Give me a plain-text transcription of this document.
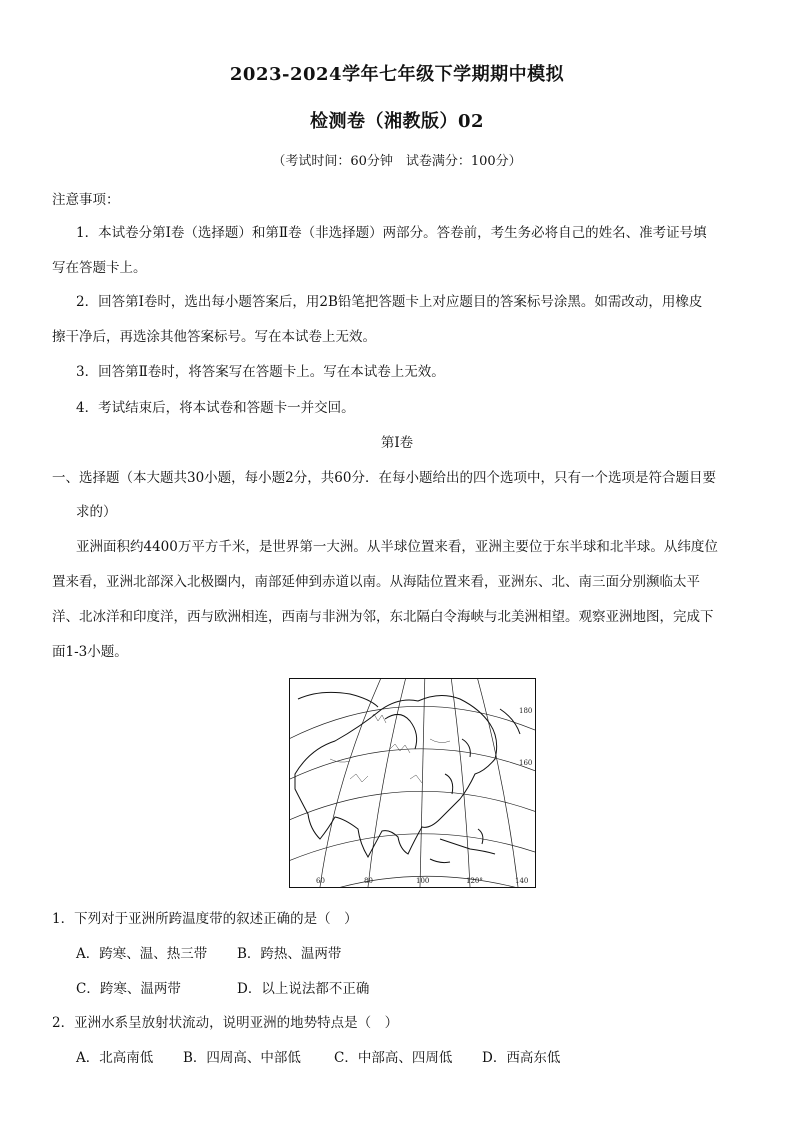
2023-2024学年七年级下学期期中模拟
检测卷（湘教版）02
（考试时间：60分钟　试卷满分：100分）
注意事项：
1．本试卷分第Ⅰ卷（选择题）和第Ⅱ卷（非选择题）两部分。答卷前，考生务必将自己的姓名、准考证号填
写在答题卡上。
2．回答第Ⅰ卷时，选出每小题答案后，用2B铅笔把答题卡上对应题目的答案标号涂黑。如需改动，用橡皮
擦干净后，再选涂其他答案标号。写在本试卷上无效。
3．回答第Ⅱ卷时，将答案写在答题卡上。写在本试卷上无效。
4．考试结束后，将本试卷和答题卡一并交回。
第Ⅰ卷
一、选择题（本大题共30小题，每小题2分，共60分．在每小题给出的四个选项中，只有一个选项是符合题目要
求的）
亚洲面积约4400万平方千米，是世界第一大洲。从半球位置来看，亚洲主要位于东半球和北半球。从纬度位
置来看，亚洲北部深入北极圈内，南部延伸到赤道以南。从海陆位置来看，亚洲东、北、南三面分别濒临太平
洋、北冰洋和印度洋，西与欧洲相连，西南与非洲为邻，东北隔白令海峡与北美洲相望。观察亚洲地图，完成下
面1-3小题。
60	80	100	120°	140
160
180
1．下列对于亚洲所跨温度带的叙述正确的是（　）
A．跨寒、温、热三带 B．跨热、温两带
C．跨寒、温两带	D．以上说法都不正确
2．亚洲水系呈放射状流动，说明亚洲的地势特点是（　）
A．北高南低 B．四周高、中部低 C．中部高、四周低 D．西高东低
